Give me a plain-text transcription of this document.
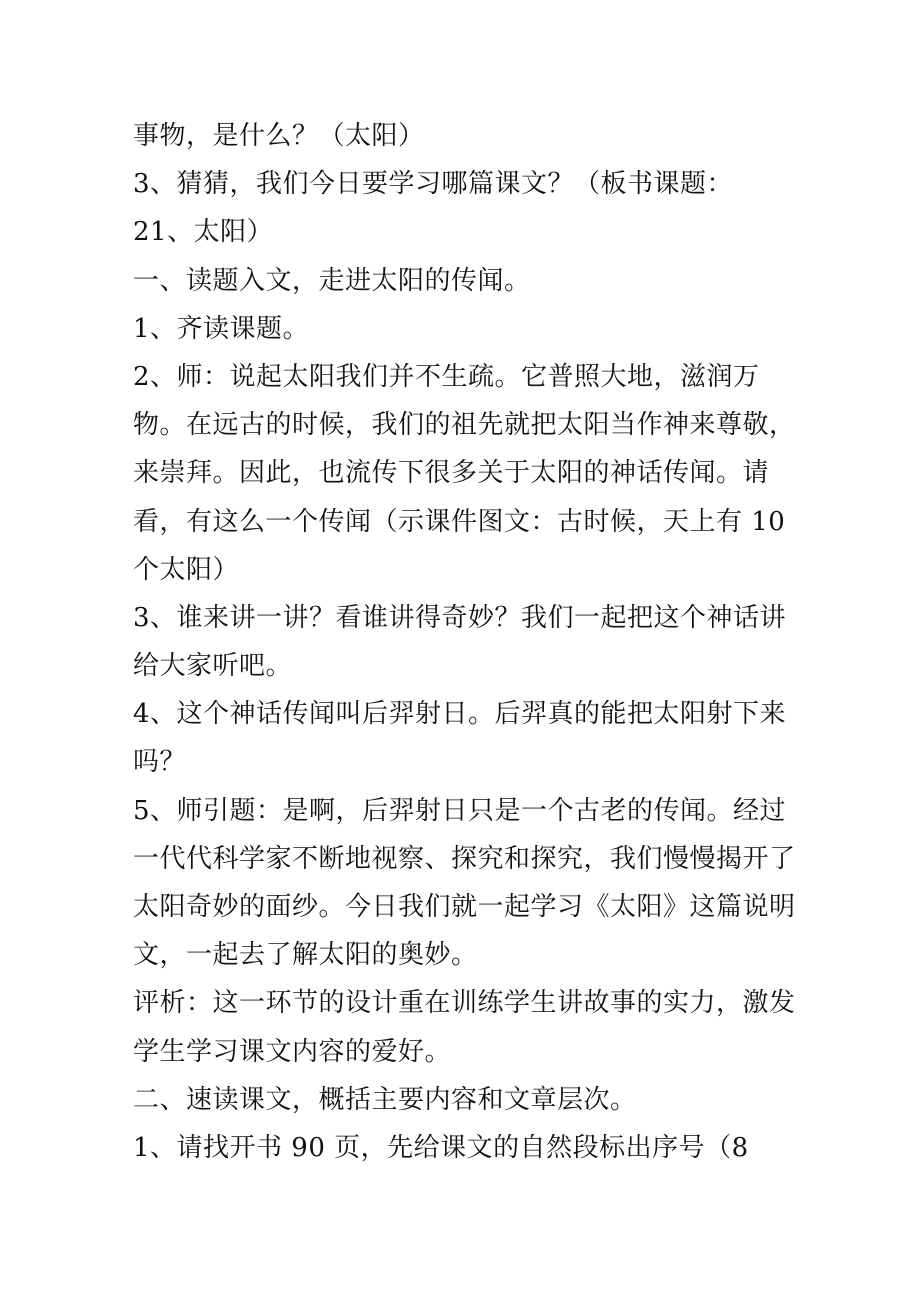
事物，是什么？（太阳）
3、猜猜，我们今日要学习哪篇课文？（板书课题：
21、太阳）
一、读题入文，走进太阳的传闻。
1、齐读课题。
2、师：说起太阳我们并不生疏。它普照大地，滋润万
物。在远古的时候，我们的祖先就把太阳当作神来尊敬，
来崇拜。因此，也流传下很多关于太阳的神话传闻。请
看，有这么一个传闻（示课件图文：古时候，天上有 10
个太阳）
3、谁来讲一讲？看谁讲得奇妙？我们一起把这个神话讲
给大家听吧。
4、这个神话传闻叫后羿射日。后羿真的能把太阳射下来
吗？
5、师引题：是啊，后羿射日只是一个古老的传闻。经过
一代代科学家不断地视察、探究和探究，我们慢慢揭开了
太阳奇妙的面纱。今日我们就一起学习《太阳》这篇说明
文，一起去了解太阳的奥妙。
评析：这一环节的设计重在训练学生讲故事的实力，激发
学生学习课文内容的爱好。
二、速读课文，概括主要内容和文章层次。
1、请找开书 90 页，先给课文的自然段标出序号（8
